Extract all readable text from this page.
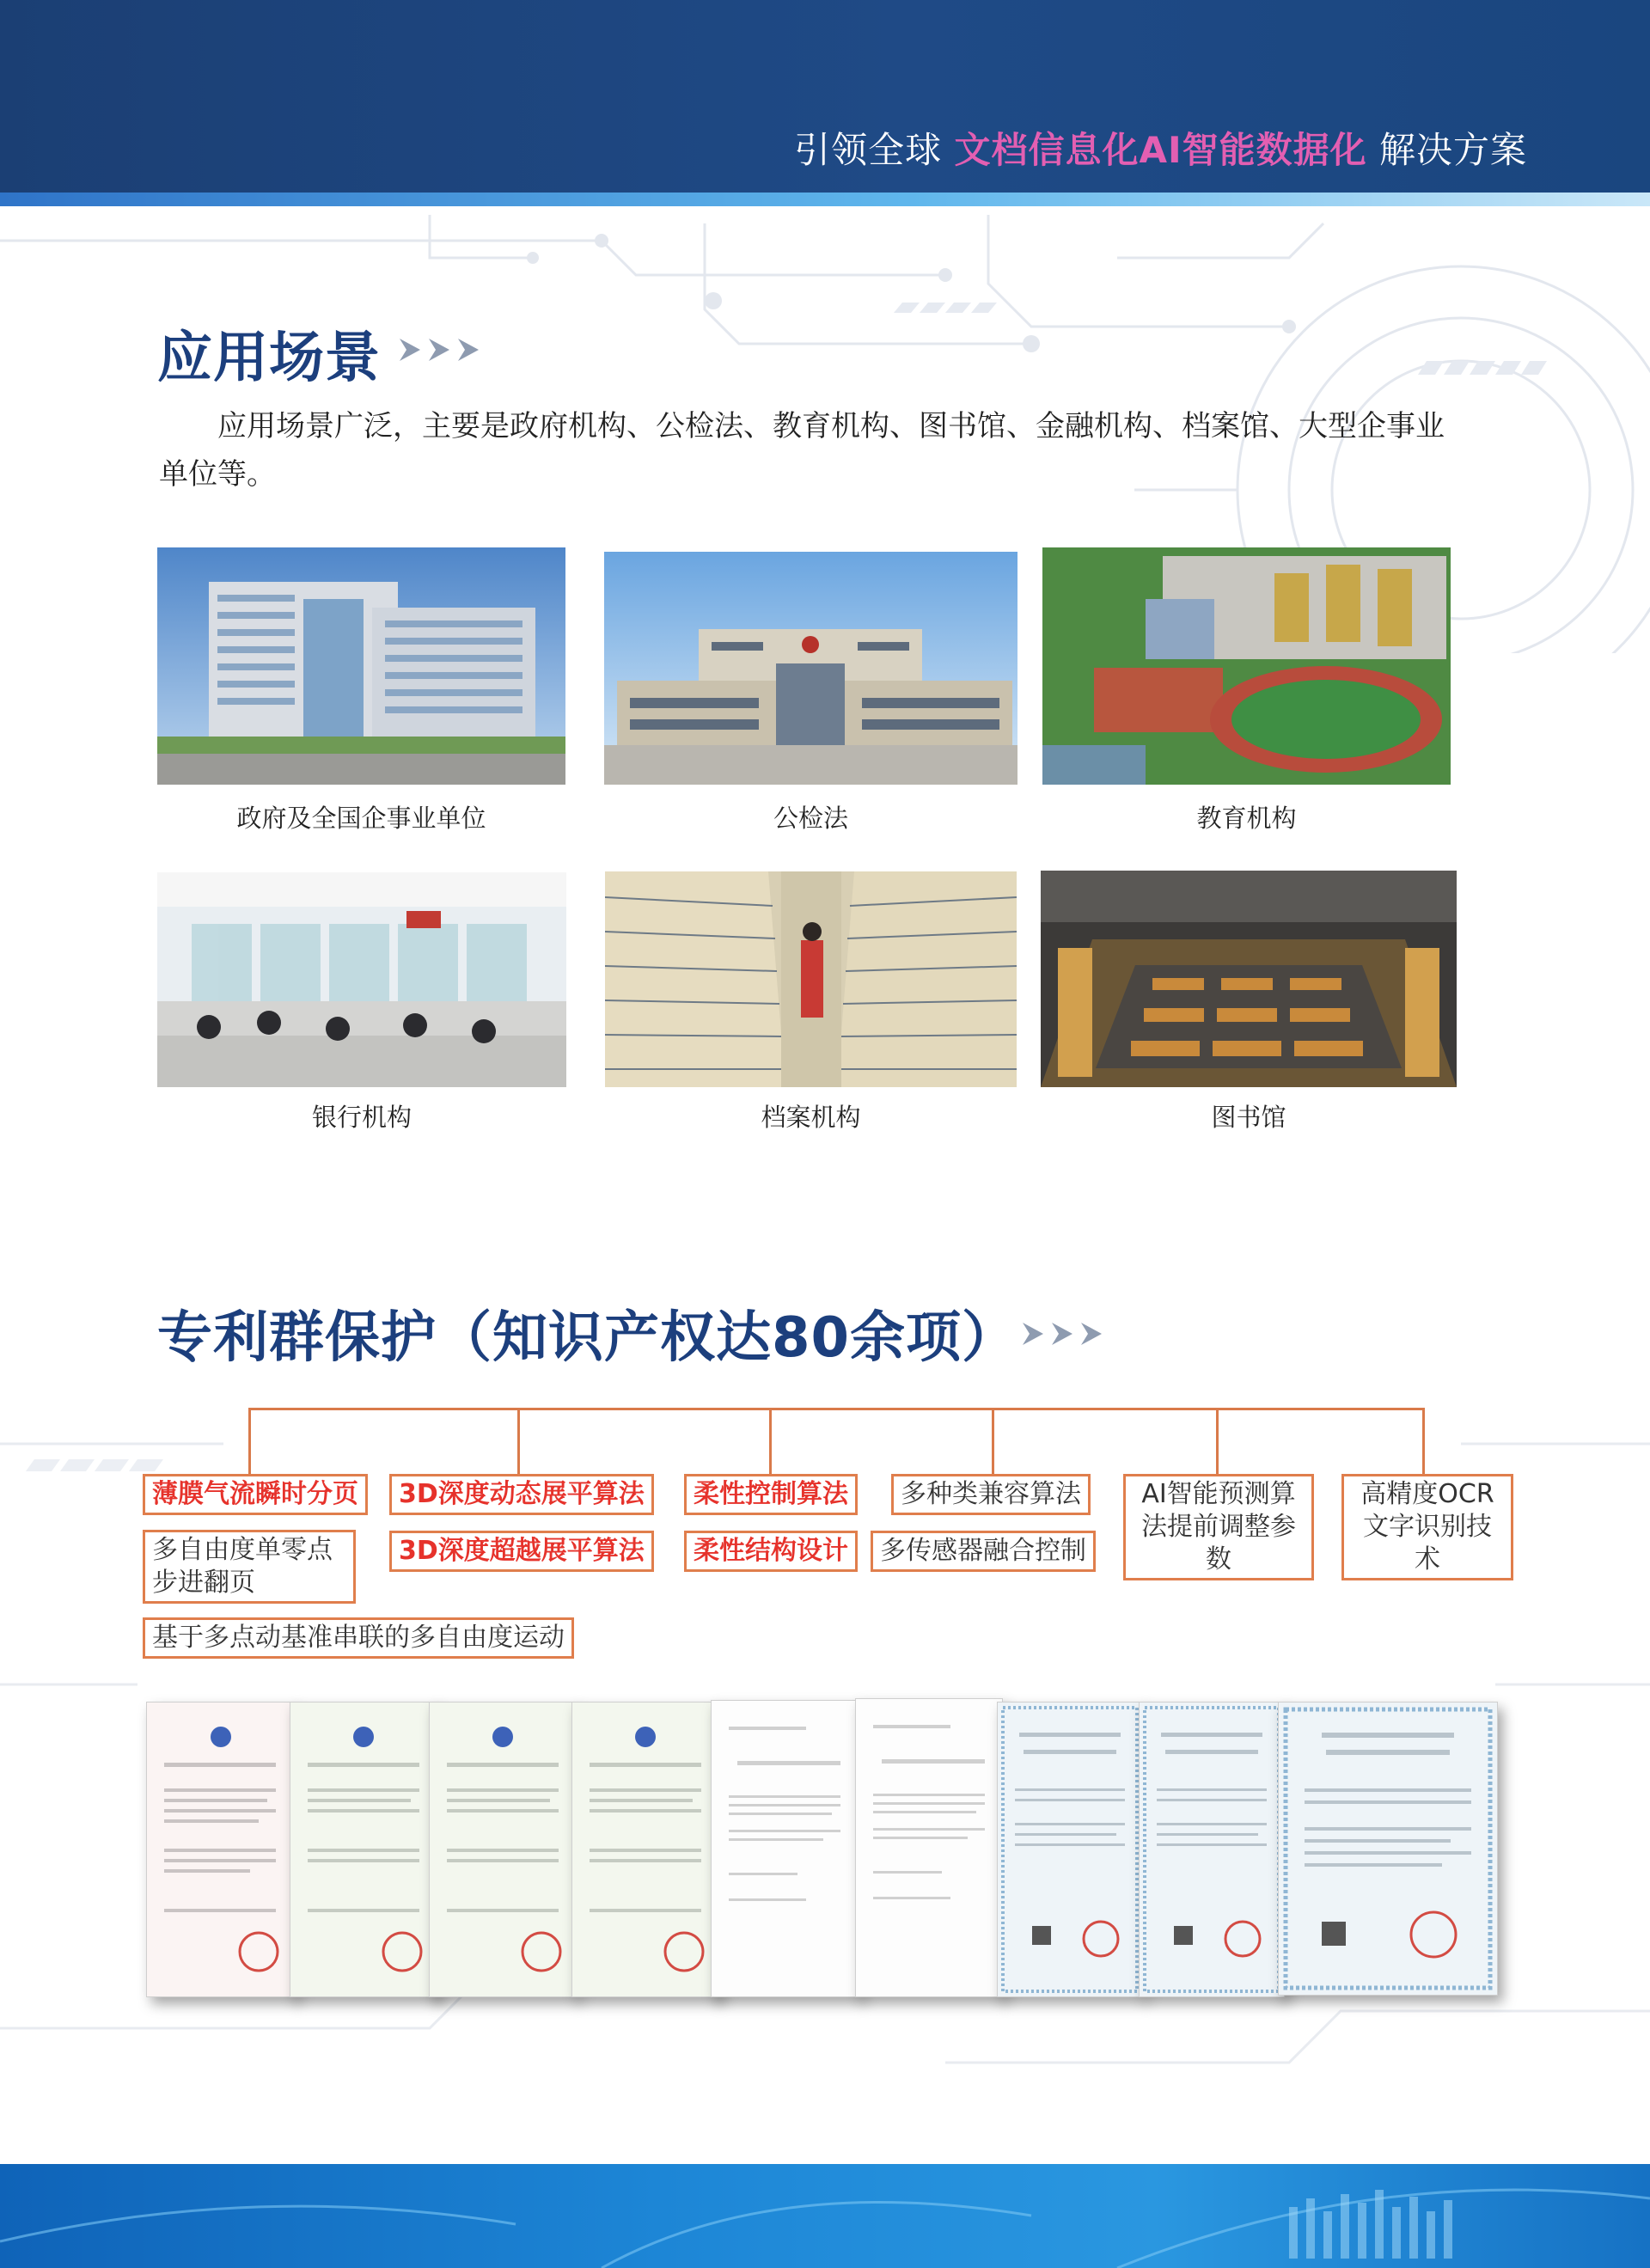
引领全球 文档信息化AI智能数据化 解决方案
应用场景
应用场景广泛，主要是政府机构、公检法、教育机构、图书馆、金融机构、档案馆、大型企事业单位等。
政府及全国企事业单位	公检法	教育机构
银行机构	档案机构	图书馆
专利群保护（知识产权达80余项）
薄膜气流瞬时分页
多自由度单零点步进翻页
基于多点动基准串联的多自由度运动
3D深度动态展平算法
3D深度超越展平算法
柔性控制算法
柔性结构设计
多种类兼容算法
多传感器融合控制
AI智能预测算法提前调整参数
高精度OCR文字识别技术
